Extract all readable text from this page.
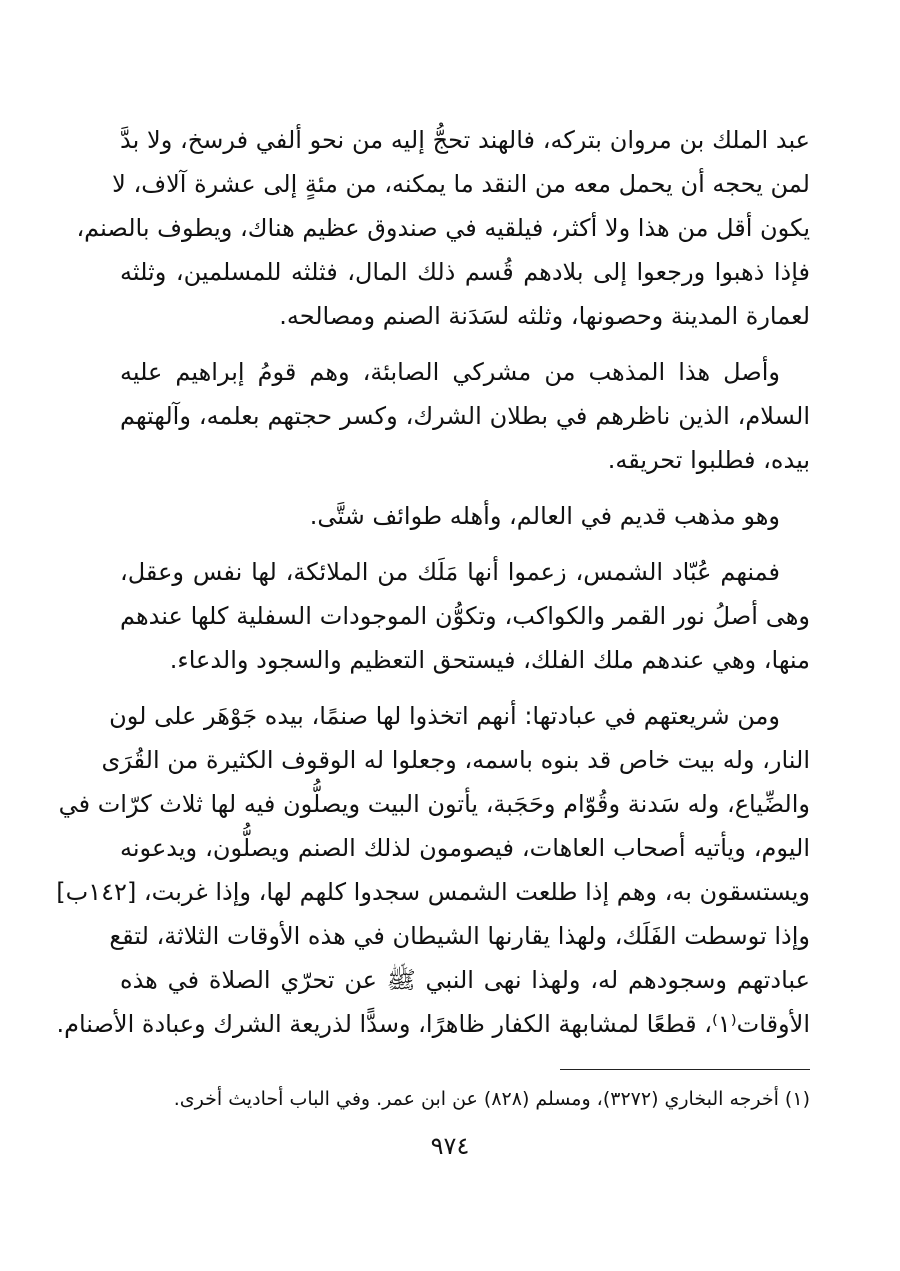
عبد الملك بن مروان بتركه، فالهند تحجُّ إليه من نحو ألفي فرسخ، ولا بدَّ
لمن يحجه أن يحمل معه من النقد ما يمكنه، من مئةٍ إلى عشرة آلاف، لا
يكون أقل من هذا ولا أكثر، فيلقيه في صندوق عظيم هناك، ويطوف بالصنم،
فإذا ذهبوا ورجعوا إلى بلادهم قُسم ذلك المال، فثلثه للمسلمين، وثلثه
لعمارة المدينة وحصونها، وثلثه لسَدَنة الصنم ومصالحه.
وأصل هذا المذهب من مشركي الصابئة، وهم قومُ إبراهيم عليه
السلام، الذين ناظرهم في بطلان الشرك، وكسر حجتهم بعلمه، وآلهتهم
بيده، فطلبوا تحريقه.
وهو مذهب قديم في العالم، وأهله طوائف شتَّى.
فمنهم عُبّاد الشمس، زعموا أنها مَلَك من الملائكة، لها نفس وعقل،
وهى أصلُ نور القمر والكواكب، وتكوُّن الموجودات السفلية كلها عندهم
منها، وهي عندهم ملك الفلك، فيستحق التعظيم والسجود والدعاء.
ومن شريعتهم في عبادتها: أنهم اتخذوا لها صنمًا، بيده جَوْهَر على لون
النار، وله بيت خاص قد بنوه باسمه، وجعلوا له الوقوف الكثيرة من القُرَى
والضِّياع، وله سَدنة وقُوّام وحَجَبة، يأتون البيت ويصلُّون فيه لها ثلاث كرّات في
اليوم، ويأتيه أصحاب العاهات، فيصومون لذلك الصنم ويصلُّون، ويدعونه
ويستسقون به، وهم إذا طلعت الشمس سجدوا كلهم لها، وإذا غربت، [١٤٢ب]
وإذا توسطت الفَلَك، ولهذا يقارنها الشيطان في هذه الأوقات الثلاثة، لتقع
عبادتهم وسجودهم له، ولهذا نهى النبي ﷺ عن تحرّي الصلاة في هذه
الأوقات⁽١⁾، قطعًا لمشابهة الكفار ظاهرًا، وسدًّا لذريعة الشرك وعبادة الأصنام.
(١) أخرجه البخاري (٣٢٧٢)، ومسلم (٨٢٨) عن ابن عمر. وفي الباب أحاديث أخرى.
٩٧٤
